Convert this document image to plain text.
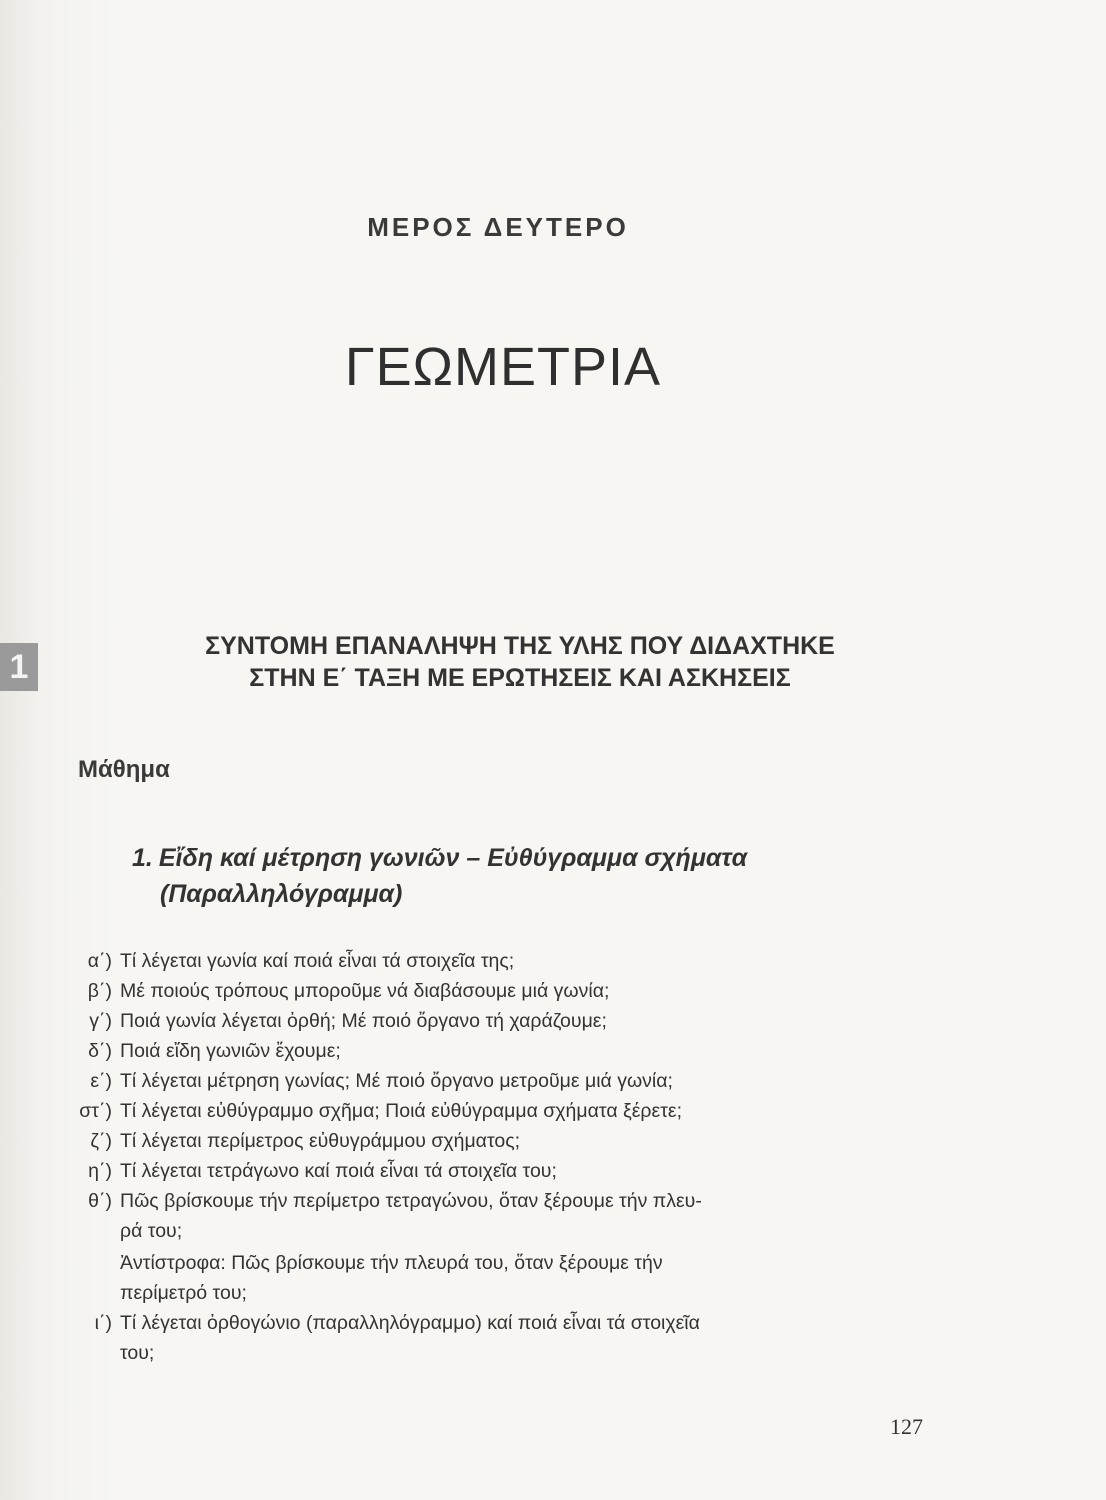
ΜΕΡΟΣ ΔΕΥΤΕΡΟ
ΓΕΩΜΕΤΡΙΑ
1
ΣΥΝΤΟΜΗ ΕΠΑΝΑΛΗΨΗ ΤΗΣ ΥΛΗΣ ΠΟΥ ΔΙΔΑΧΤΗΚΕ
ΣΤΗΝ Ε΄ ΤΑΞΗ ΜΕ ΕΡΩΤΗΣΕΙΣ ΚΑΙ ΑΣΚΗΣΕΙΣ
Μάθημα
1. Εἴδη καί μέτρηση γωνιῶν – Εὐθύγραμμα σχήματα
(Παραλληλόγραμμα)
α΄) Τί λέγεται γωνία καί ποιά εἶναι τά στοιχεῖα της;
β΄) Μέ ποιούς τρόπους μποροῦμε νά διαβάσουμε μιά γωνία;
γ΄) Ποιά γωνία λέγεται ὀρθή; Μέ ποιό ὄργανο τή χαράζουμε;
δ΄) Ποιά εἴδη γωνιῶν ἔχουμε;
ε΄) Τί λέγεται μέτρηση γωνίας; Μέ ποιό ὄργανο μετροῦμε μιά γωνία;
στ΄) Τί λέγεται εὐθύγραμμο σχῆμα; Ποιά εὐθύγραμμα σχήματα ξέρετε;
ζ΄) Τί λέγεται περίμετρος εὐθυγράμμου σχήματος;
η΄) Τί λέγεται τετράγωνο καί ποιά εἶναι τά στοιχεῖα του;
θ΄) Πῶς βρίσκουμε τήν περίμετρο τετραγώνου, ὅταν ξέρουμε τήν πλευ-
ρά του;
Ἀντίστροφα: Πῶς βρίσκουμε τήν πλευρά του, ὅταν ξέρουμε τήν
περίμετρό του;
ι΄) Τί λέγεται ὀρθογώνιο (παραλληλόγραμμο) καί ποιά εἶναι τά στοιχεῖα
του;
127
